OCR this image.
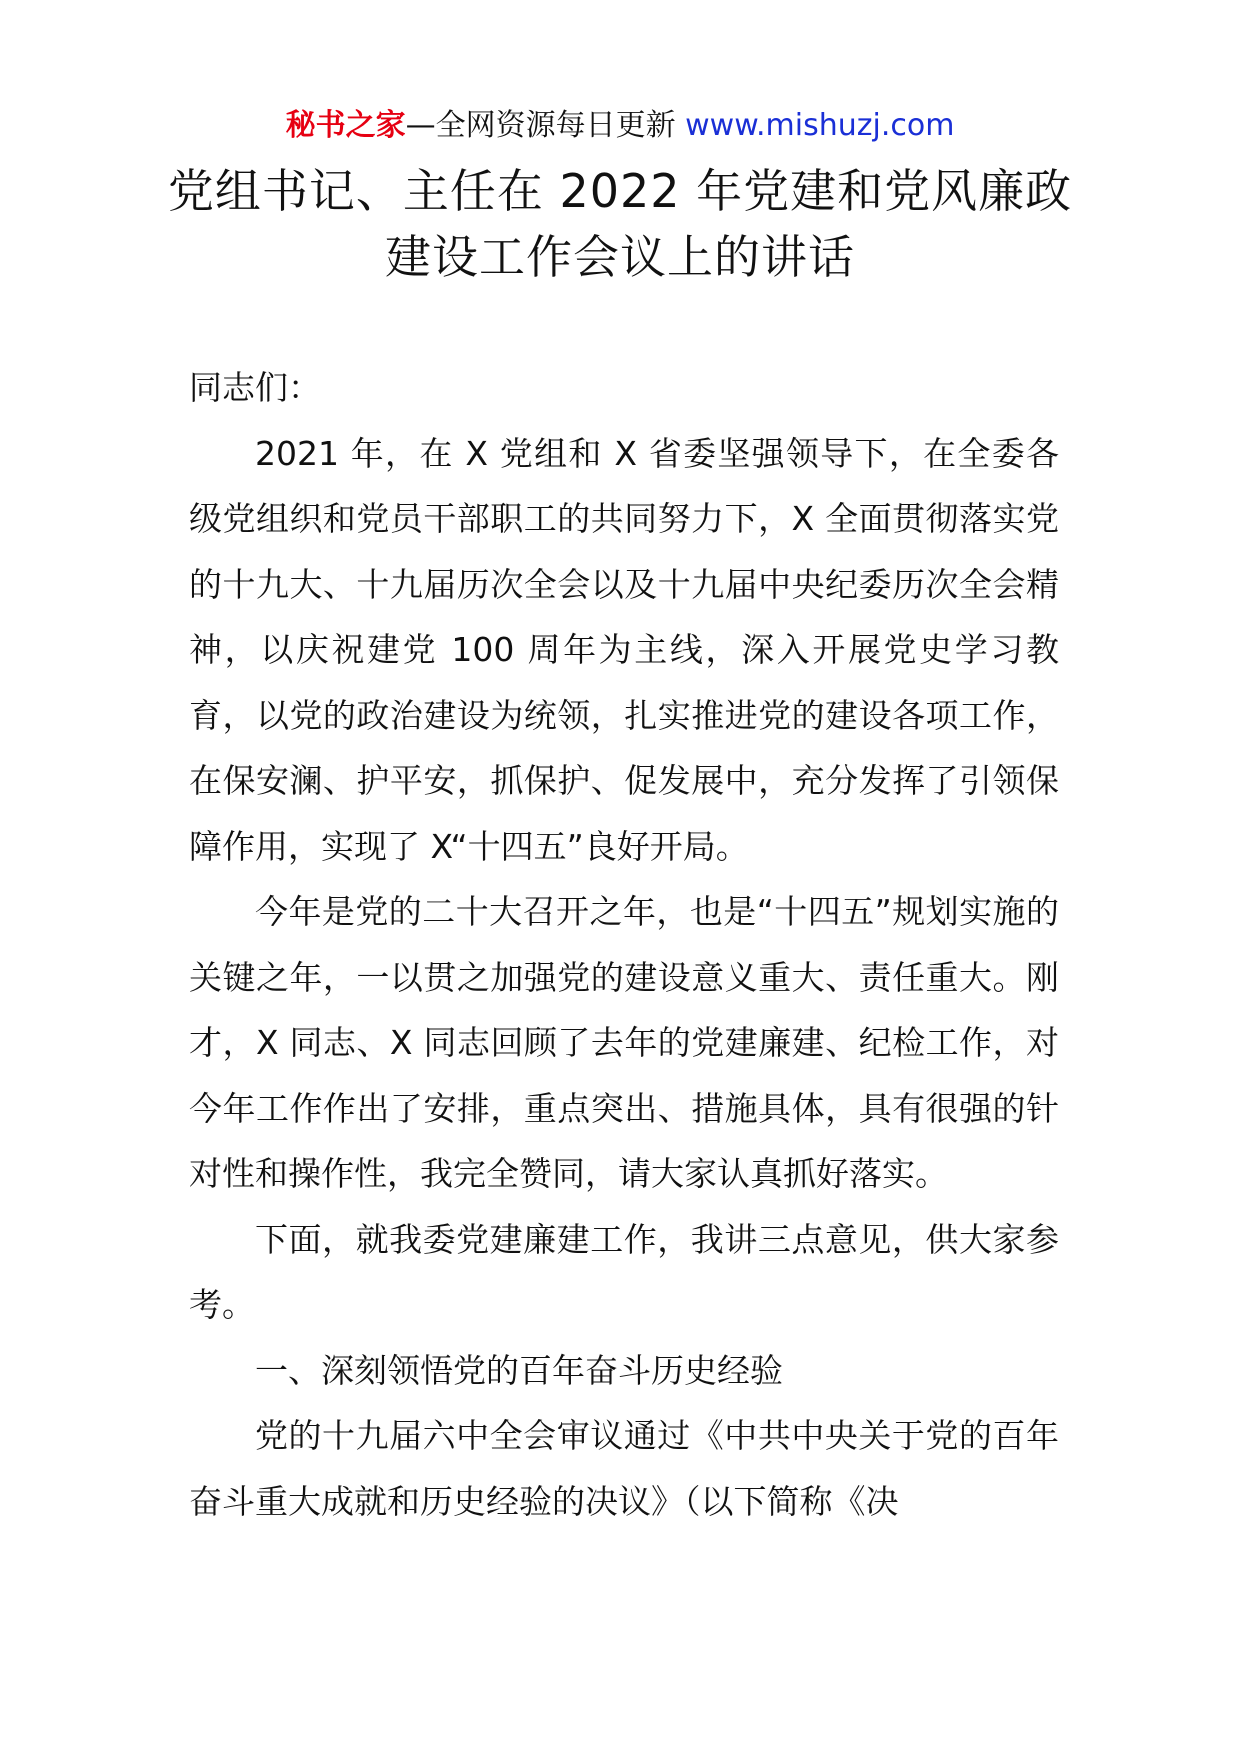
秘书之家—全网资源每日更新 www.mishuzj.com
党组书记、主任在 2022 年党建和党风廉政
建设工作会议上的讲话

同志们：

2021 年，在 X 党组和 X 省委坚强领导下，在全委各级党组织和党员干部职工的共同努力下，X 全面贯彻落实党的十九大、十九届历次全会以及十九届中央纪委历次全会精神，以庆祝建党 100 周年为主线，深入开展党史学习教育，以党的政治建设为统领，扎实推进党的建设各项工作，在保安澜、护平安，抓保护、促发展中，充分发挥了引领保障作用，实现了 X“十四五”良好开局。

今年是党的二十大召开之年，也是“十四五”规划实施的关键之年，一以贯之加强党的建设意义重大、责任重大。刚才，X 同志、X 同志回顾了去年的党建廉建、纪检工作，对今年工作作出了安排，重点突出、措施具体，具有很强的针对性和操作性，我完全赞同，请大家认真抓好落实。

下面，就我委党建廉建工作，我讲三点意见，供大家参考。

一、深刻领悟党的百年奋斗历史经验

党的十九届六中全会审议通过《中共中央关于党的百年奋斗重大成就和历史经验的决议》（以下简称《决
